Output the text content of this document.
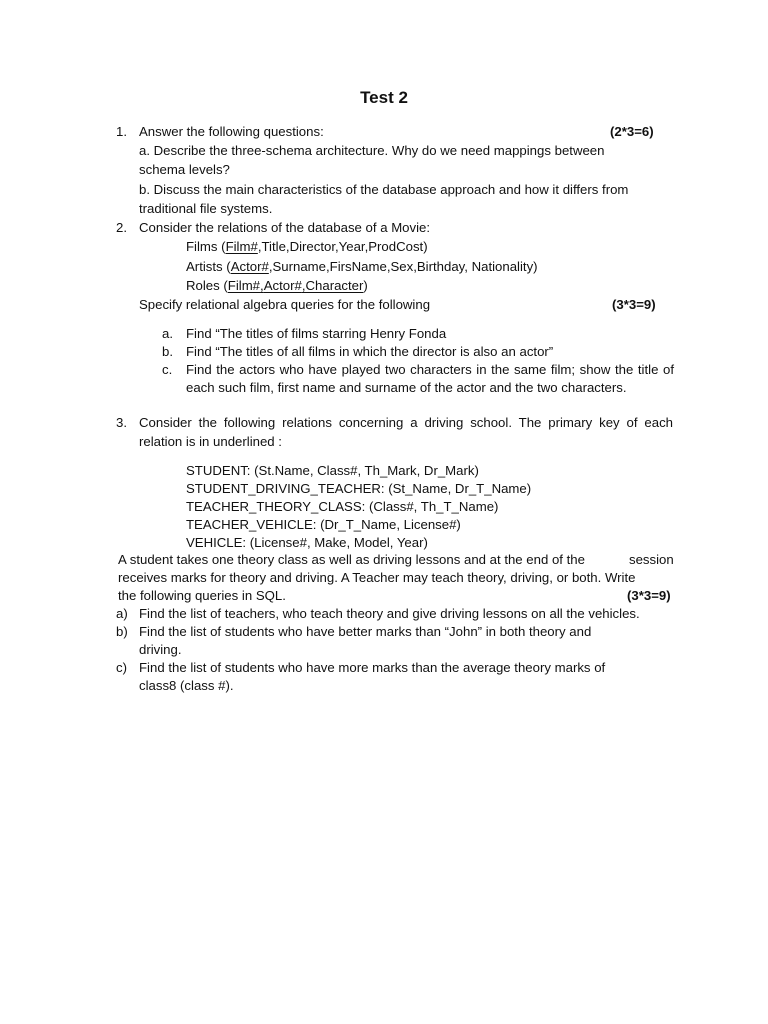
Test 2
1. Answer the following questions:	(2*3=6)
a. Describe the three-schema architecture. Why do we need mappings between
schema levels?
b. Discuss the main characteristics of the database approach and how it differs from
traditional file systems.
2. Consider the relations of the database of a Movie:
Films (Film#,Title,Director,Year,ProdCost)
Artists (Actor#,Surname,FirsName,Sex,Birthday, Nationality)
Roles (Film#,Actor#,Character)
Specify relational algebra queries for the following	(3*3=9)
a. Find “The titles of films starring Henry Fonda
b. Find “The titles of all films in which the director is also an actor”
c. Find the actors who have played two characters in the same film; show the title of each such film, first name and surname of the actor and the two characters.
3. Consider the following relations concerning a driving school. The primary key of each relation is in underlined :
STUDENT: (St.Name, Class#, Th_Mark, Dr_Mark)
STUDENT_DRIVING_TEACHER: (St_Name, Dr_T_Name)
TEACHER_THEORY_CLASS: (Class#, Th_T_Name)
TEACHER_VEHICLE: (Dr_T_Name, License#)
VEHICLE: (License#, Make, Model, Year)
A student takes one theory class as well as driving lessons and at the end of the	session
receives marks for theory and driving. A Teacher may teach theory, driving, or both. Write
the following queries in SQL.	(3*3=9)
a) Find the list of teachers, who teach theory and give driving lessons on all the vehicles.
b) Find the list of students who have better marks than “John” in both theory and
driving.
c) Find the list of students who have more marks than the average theory marks of
class8 (class #).
